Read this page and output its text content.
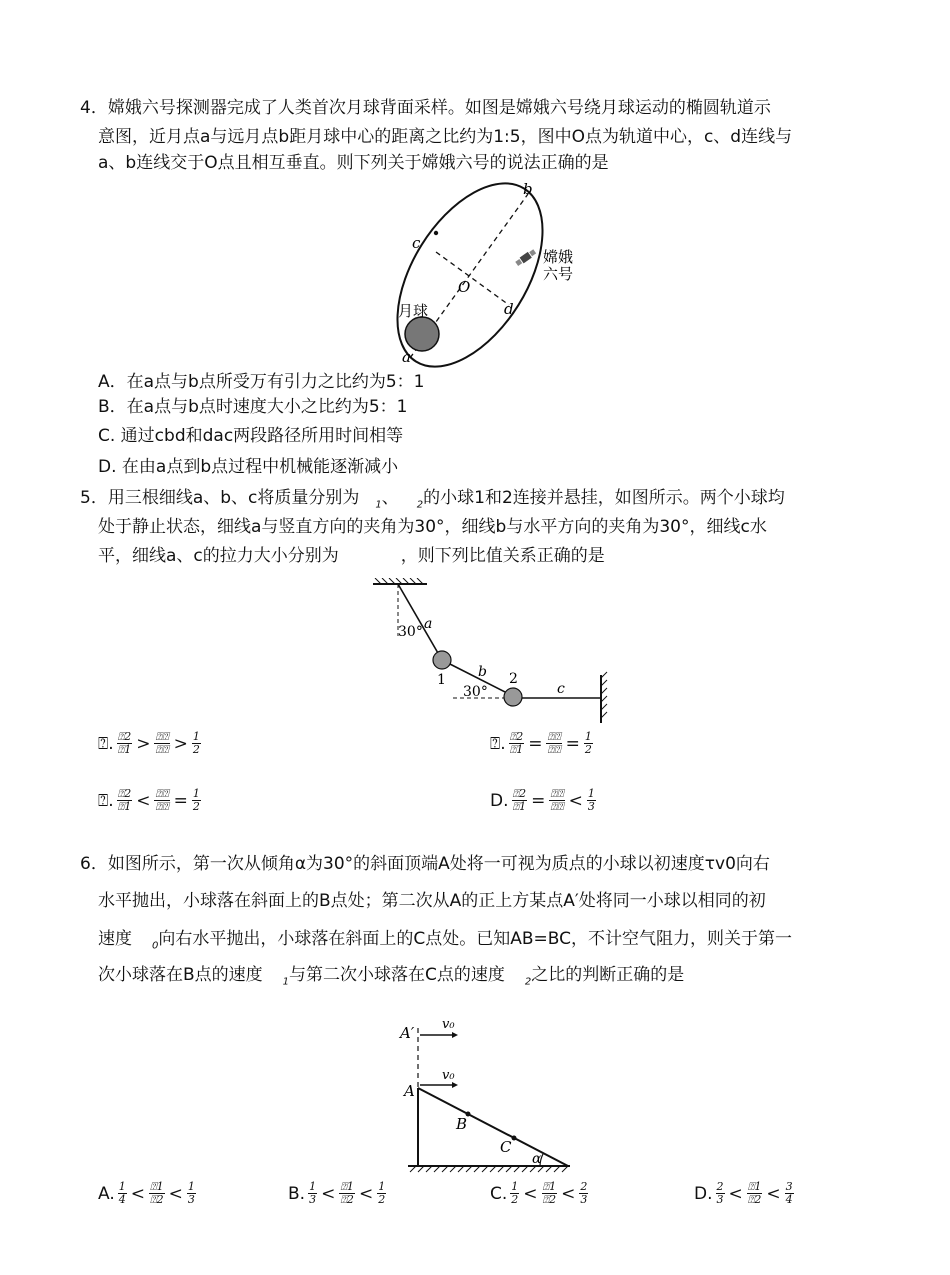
4．嫦娥六号探测器完成了人类首次月球背面采样。如图是嫦娥六号绕月球运动的椭圆轨道示
意图，近月点a与远月点b距月球中心的距离之比约为1:5，图中O点为轨道中心，c、d连线与
a、b连线交于O点且相互垂直。则下列关于嫦娥六号的说法正确的是
a
b
c
d
O
月球
嫦娥
六号
A．在a点与b点所受万有引力之比约为5：1
B．在a点与b点时速度大小之比约为5：1
C. 通过cbd和dac两段路径所用时间相等
D. 在由a点到b点过程中机械能逐渐减小
5．用三根细线a、b、c将质量分别为 $_1$、 $_2$的小球1和2连接并悬挂，如图所示。两个小球均
处于静止状态，细线a与竖直方向的夹角为30°，细线b与水平方向的夹角为30°，细线c水
平，细线a、c的拉力大小分别为	，则下列比值关系正确的是
30°
30°
a
b
c
1	2
⍰. $\frac{⍰2}{⍰1} > \frac{⍰⍰}{⍰⍰} > \frac{1}{2}$	⍰. $\frac{⍰2}{⍰1} = \frac{⍰⍰}{⍰⍰} = \frac{1}{2}$
⍰. $\frac{⍰2}{⍰1} < \frac{⍰⍰}{⍰⍰} = \frac{1}{2}$	D. $\frac{⍰2}{⍰1} = \frac{⍰⍰}{⍰⍰} < \frac{1}{3}$
6．如图所示，第一次从倾角α为30°的斜面顶端A处将一可视为质点的小球以初速度τv0向右
水平抛出，小球落在斜面上的B点处；第二次从A的正上方某点A′处将同一小球以相同的初
速度 $_0$向右水平抛出，小球落在斜面上的C点处。已知AB=BC，不计空气阻力，则关于第一
次小球落在B点的速度 $_1$与第二次小球落在C点的速度 $_2$之比的判断正确的是
A′
A
B
C
α
v₀
v₀
A. $\frac{1}{4} < \frac{⍰1}{⍰2} < \frac{1}{3}$	B. $\frac{1}{3} < \frac{⍰1}{⍰2} < \frac{1}{2}$	C. $\frac{1}{2} < \frac{⍰1}{⍰2} < \frac{2}{3}$	D. $\frac{2}{3} < \frac{⍰1}{⍰2} < \frac{3}{4}$
